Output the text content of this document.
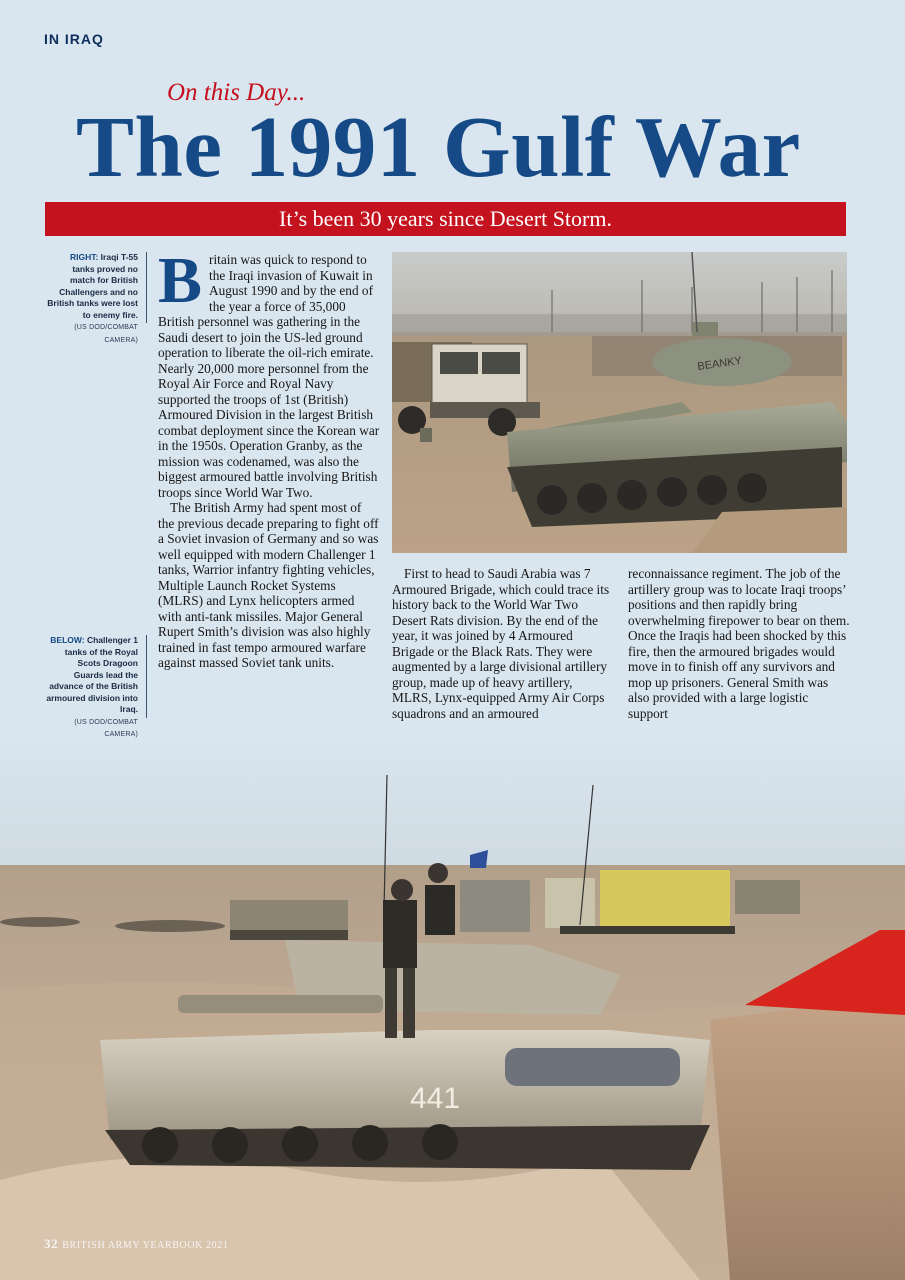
IN IRAQ
On this Day...
The 1991 Gulf War
It’s been 30 years since Desert Storm.
RIGHT: Iraqi T-55 tanks proved no match for British Challengers and no British tanks were lost to enemy fire.
(US DOD/COMBAT CAMERA)
BELOW: Challenger 1 tanks of the Royal Scots Dragoon Guards lead the advance of the British armoured division into Iraq.
(US DOD/COMBAT CAMERA)

Britain was quick to respond to the Iraqi invasion of Kuwait in August 1990 and by the end of the year a force of 35,000 British personnel was gathering in the Saudi desert to join the US-led ground operation to liberate the oil-rich emirate. Nearly 20,000 more personnel from the Royal Air Force and Royal Navy supported the troops of 1st (British) Armoured Division in the largest British combat deployment since the Korean war in the 1950s. Operation Granby, as the mission was codenamed, was also the biggest armoured battle involving British troops since World War Two.

The British Army had spent most of the previous decade preparing to fight off a Soviet invasion of Germany and so was well equipped with modern Challenger 1 tanks, Warrior infantry fighting vehicles, Multiple Launch Rocket Systems (MLRS) and Lynx helicopters armed with anti-tank missiles. Major General Rupert Smith’s division was also highly trained in fast tempo armoured warfare against massed Soviet tank units.

BEANKY

First to head to Saudi Arabia was 7 Armoured Brigade, which could trace its history back to the World War Two Desert Rats division. By the end of the year, it was joined by 4 Armoured Brigade or the Black Rats. They were augmented by a large divisional artillery group, made up of heavy artillery, MLRS, Lynx-equipped Army Air Corps squadrons and an armoured

reconnaissance regiment. The job of the artillery group was to locate Iraqi troops’ positions and then rapidly bring overwhelming firepower to bear on them. Once the Iraqis had been shocked by this fire, then the armoured brigades would move in to finish off any survivors and mop up prisoners. General Smith was also provided with a large logistic support

441
32 BRITISH ARMY YEARBOOK 2021
